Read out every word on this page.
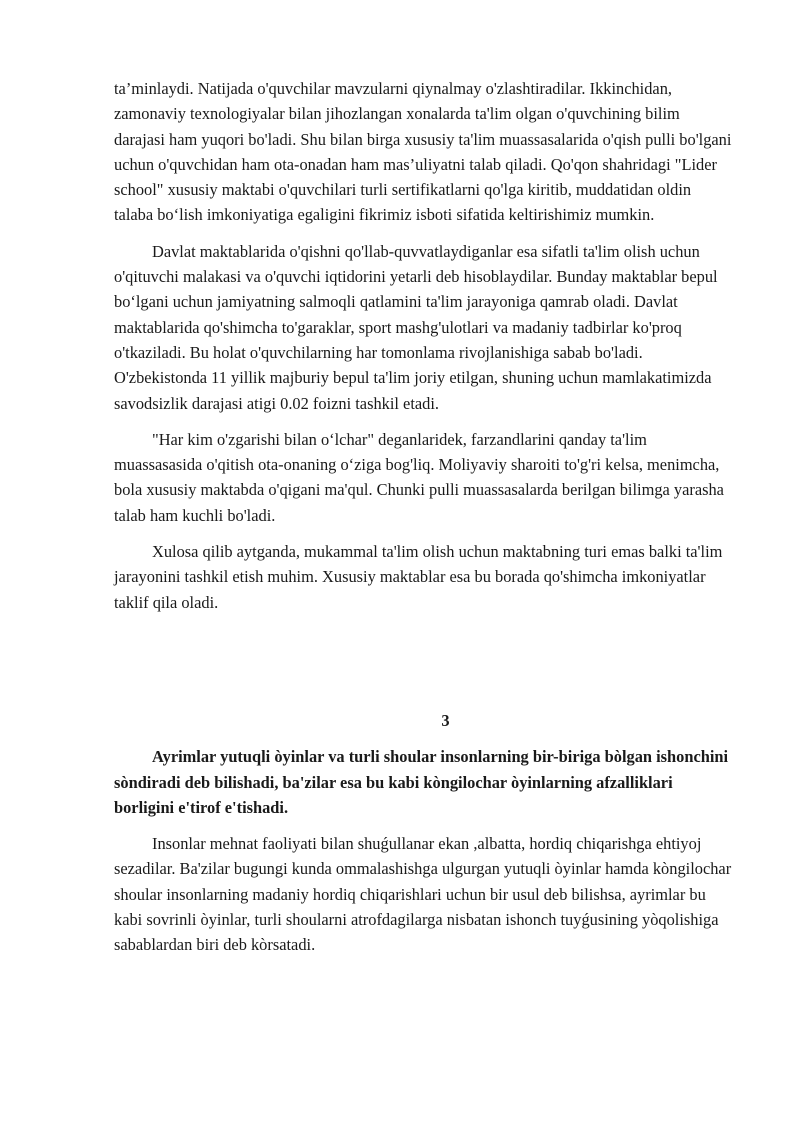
ta’minlaydi. Natijada o'quvchilar mavzularni qiynalmay o'zlashtiradilar. Ikkinchidan, zamonaviy texnologiyalar bilan jihozlangan xonalarda ta'lim olgan o'quvchining bilim darajasi ham yuqori bo'ladi. Shu bilan birga xususiy ta'lim muassasalarida o'qish pulli bo'lgani uchun o'quvchidan ham ota-onadan ham mas’uliyatni talab qiladi. Qo'qon shahridagi "Lider school" xususiy maktabi o'quvchilari turli sertifikatlarni qo'lga kiritib, muddatidan oldin talaba bo‘lish imkoniyatiga egaligini fikrimiz isboti sifatida keltirishimiz mumkin.

Davlat maktablarida o'qishni qo'llab-quvvatlaydiganlar esa sifatli ta'lim olish uchun o'qituvchi malakasi va o'quvchi iqtidorini yetarli deb hisoblaydilar. Bunday maktablar bepul bo‘lgani uchun jamiyatning salmoqli qatlamini ta'lim jarayoniga qamrab oladi. Davlat maktablarida qo'shimcha to'garaklar, sport mashg'ulotlari va madaniy tadbirlar ko'proq o'tkaziladi. Bu holat o'quvchilarning har tomonlama rivojlanishiga sabab bo'ladi. O'zbekistonda 11 yillik majburiy bepul ta'lim joriy etilgan, shuning uchun mamlakatimizda savodsizlik darajasi atigi 0.02 foizni tashkil etadi.

"Har kim o'zgarishi bilan o‘lchar" deganlaridek, farzandlarini qanday ta'lim muassasasida o'qitish ota-onaning o‘ziga bog'liq. Moliyaviy sharoiti to'g'ri kelsa, menimcha, bola xususiy maktabda o'qigani ma'qul. Chunki pulli muassasalarda berilgan bilimga yarasha talab ham kuchli bo'ladi.

Xulosa qilib aytganda, mukammal ta'lim olish uchun maktabning turi emas balki ta'lim jarayonini tashkil etish muhim. Xususiy maktablar esa bu borada qo'shimcha imkoniyatlar taklif qila oladi.

3

Ayrimlar yutuqli òyinlar va turli shoular insonlarning bir-biriga bòlgan ishonchini sòndiradi deb bilishadi, ba'zilar esa bu kabi kòngilochar òyinlarning afzalliklari borligini e'tirof e'tishadi.

Insonlar mehnat faoliyati bilan shuǵullanar ekan ,albatta, hordiq chiqarishga ehtiyoj sezadilar. Ba'zilar bugungi kunda ommalashishga ulgurgan yutuqli òyinlar hamda kòngilochar shoular insonlarning madaniy hordiq chiqarishlari uchun bir usul deb bilishsa, ayrimlar bu kabi sovrinli òyinlar, turli shoularni atrofdagilarga nisbatan ishonch tuyǵusining yòqolishiga sabablardan biri deb kòrsatadi.
